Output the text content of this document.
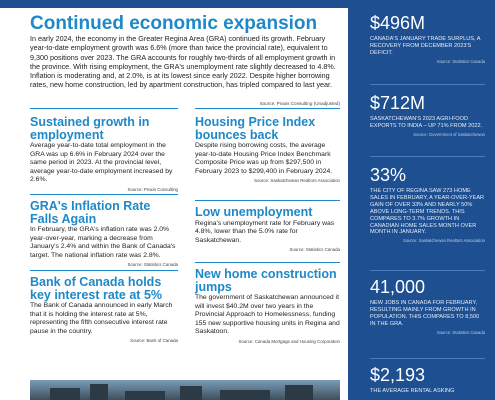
Continued economic expansion
In early 2024, the economy in the Greater Regina Area (GRA) continued its growth. February year-to-date employment growth was 6.6% (more than twice the provincial rate), equivalent to 9,300 positions over 2023. The GRA accounts for roughly two-thirds of all employment growth in the province. With rising employment, the GRA's unemployment rate slightly decreased to 4.8%. Inflation is moderating and, at 2.0%, is at its lowest since early 2022. Despite higher borrowing rates, new home construction, led by apartment construction, has tripled compared to last year.
Source: Praxis Consulting (Unadjusted)
Sustained growth in employment
Average year-to-date total employment in the GRA was up 6.6% in February 2024 over the same period in 2023. At the provincial level, average year-to-date employment increased by 2.6%.
Source: Praxis Consulting
GRA's Inflation Rate Falls Again
In February, the GRA's inflation rate was 2.0% year-over-year, marking a decrease from January's 2.4% and within the Bank of Canada's target. The national inflation rate was 2.8%.
Source: Statistics Canada
Bank of Canada holds key interest rate at 5%
The Bank of Canada announced in early March that it is holding the interest rate at 5%, representing the fifth consecutive interest rate pause in the country.
Source: Bank of Canada
Housing Price Index bounces back
Despite rising borrowing costs, the average year-to-date Housing Price Index Benchmark Composite Price was up from $297,500 in February 2023 to $299,400 in February 2024.
Source: Saskatchewan Realtors Association
Low unemployment
Regina's unemployment rate for February was 4.8%, lower than the 5.0% rate for Saskatchewan.
Source: Statistics Canada
New home construction jumps
The government of Saskatchewan announced it will invest $40.2M over two years in the Provincial Approach to Homelessness, funding 155 new supportive housing units in Regina and Saskatoon.
Source: Canada Mortgage and Housing Corporation
$496M
CANADA'S JANUARY TRADE SURPLUS, A RECOVERY FROM DECEMBER 2023'S DEFICIT.
Source: Statistics Canada
$712M
SASKATCHEWAN'S 2023 AGRI-FOOD EXPORTS TO INDIA – UP 71% FROM 2022.
Source: Government of Saskatchewan
33%
THE CITY OF REGINA SAW 273 HOME SALES IN FEBRUARY, A YEAR-OVER-YEAR GAIN OF OVER 33% AND NEARLY 50% ABOVE LONG-TERM TRENDS. THIS COMPARES TO 3.7% GROWTH IN CANADIAN HOME SALES MONTH OVER MONTH IN JANUARY.
Source: Saskatchewan Realtors Association
41,000
NEW JOBS IN CANADA FOR FEBRUARY, RESULTING MAINLY FROM GROWTH IN POPULATION. THIS COMPARES TO 8,500 IN THE GRA.
Source: Statistics Canada
$2,193
THE AVERAGE RENTAL ASKING
